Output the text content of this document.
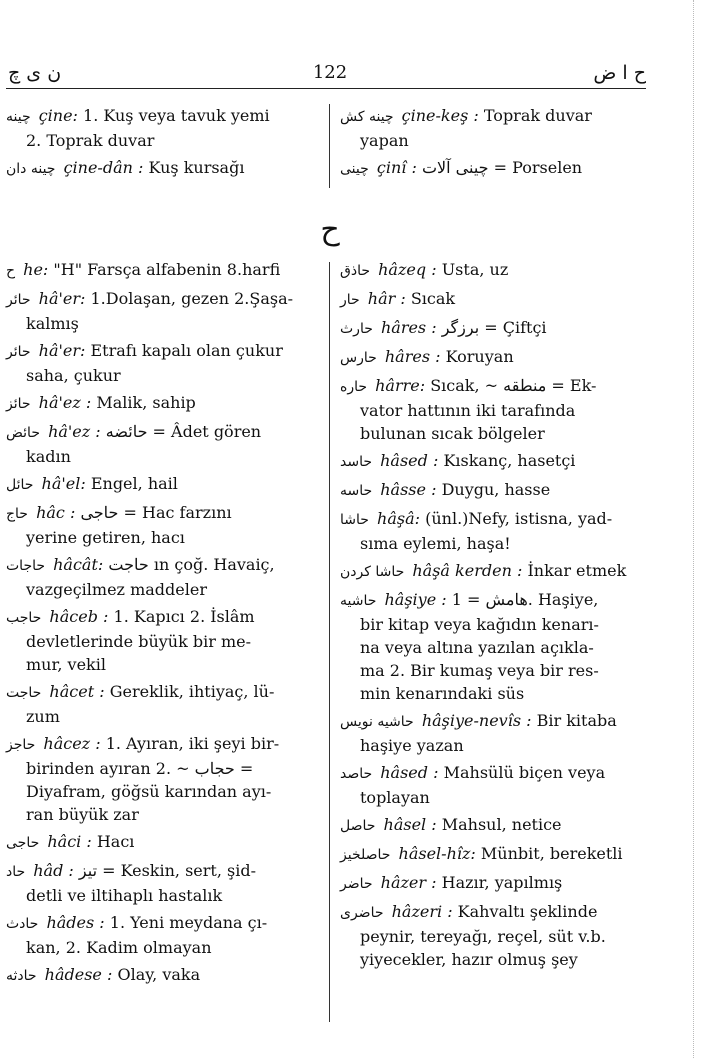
ن ى چ	122	ح ا ض
چينه çine: 1. Kuş veya tavuk yemi
2. Toprak duvar
چينه دان çine-dân : Kuş kursağı
چينه كش çine-keş : Toprak duvar
yapan
چينى çinî : چينى آلات = Porselen
ح
ح he: "H" Farsça alfabenin 8.harfi
حائر hâ'er: 1.Dolaşan, gezen 2.Şaşa-
kalmış
حائر hâ'er: Etrafı kapalı olan çukur
saha, çukur
حائز hâ'ez : Malik, sahip
حائض hâ'ez : حائضه = Âdet gören
kadın
حائل hâ'el: Engel, hail
حاج hâc : حاجى = Hac farzını
yerine getiren, hacı
حاجات hâcât: حاجت ın çoğ. Havaiç,
vazgeçilmez maddeler
حاجب hâceb : 1. Kapıcı 2. İslâm
devletlerinde büyük bir me-
mur, vekil
حاجت hâcet : Gereklik, ihtiyaç, lü-
zum
حاجز hâcez : 1. Ayıran, iki şeyi bir-
birinden ayıran 2. ~ حجاب =
Diyafram, göğsü karından ayı-
ran büyük zar
حاجى hâci : Hacı
حاد hâd : تيز = Keskin, sert, şid-
detli ve iltihaplı hastalık
حادث hâdes : 1. Yeni meydana çı-
kan, 2. Kadim olmayan
حادثه hâdese : Olay, vaka
حاذق hâzeq : Usta, uz
حار hâr : Sıcak
حارث hâres : برزگر = Çiftçi
حارس hâres : Koruyan
حاره hârre: Sıcak, ~ منطقه = Ek-
vator hattının iki tarafında
bulunan sıcak bölgeler
حاسد hâsed : Kıskanç, hasetçi
حاسه hâsse : Duygu, hasse
حاشا hâşâ: (ünl.)Nefy, istisna, yad-
sıma eylemi, haşa!
حاشا كردن hâşâ kerden : İnkar etmek
حاشيه hâşiye : هامش = 1. Haşiye,
bir kitap veya kağıdın kenarı-
na veya altına yazılan açıkla-
ma 2. Bir kumaş veya bir res-
min kenarındaki süs
حاشيه نويس hâşiye-nevîs : Bir kitaba
haşiye yazan
حاصد hâsed : Mahsülü biçen veya
toplayan
حاصل hâsel : Mahsul, netice
حاصلخيز hâsel-hîz: Münbit, bereketli
حاضر hâzer : Hazır, yapılmış
حاضرى hâzeri : Kahvaltı şeklinde
peynir, tereyağı, reçel, süt v.b.
yiyecekler, hazır olmuş şey
